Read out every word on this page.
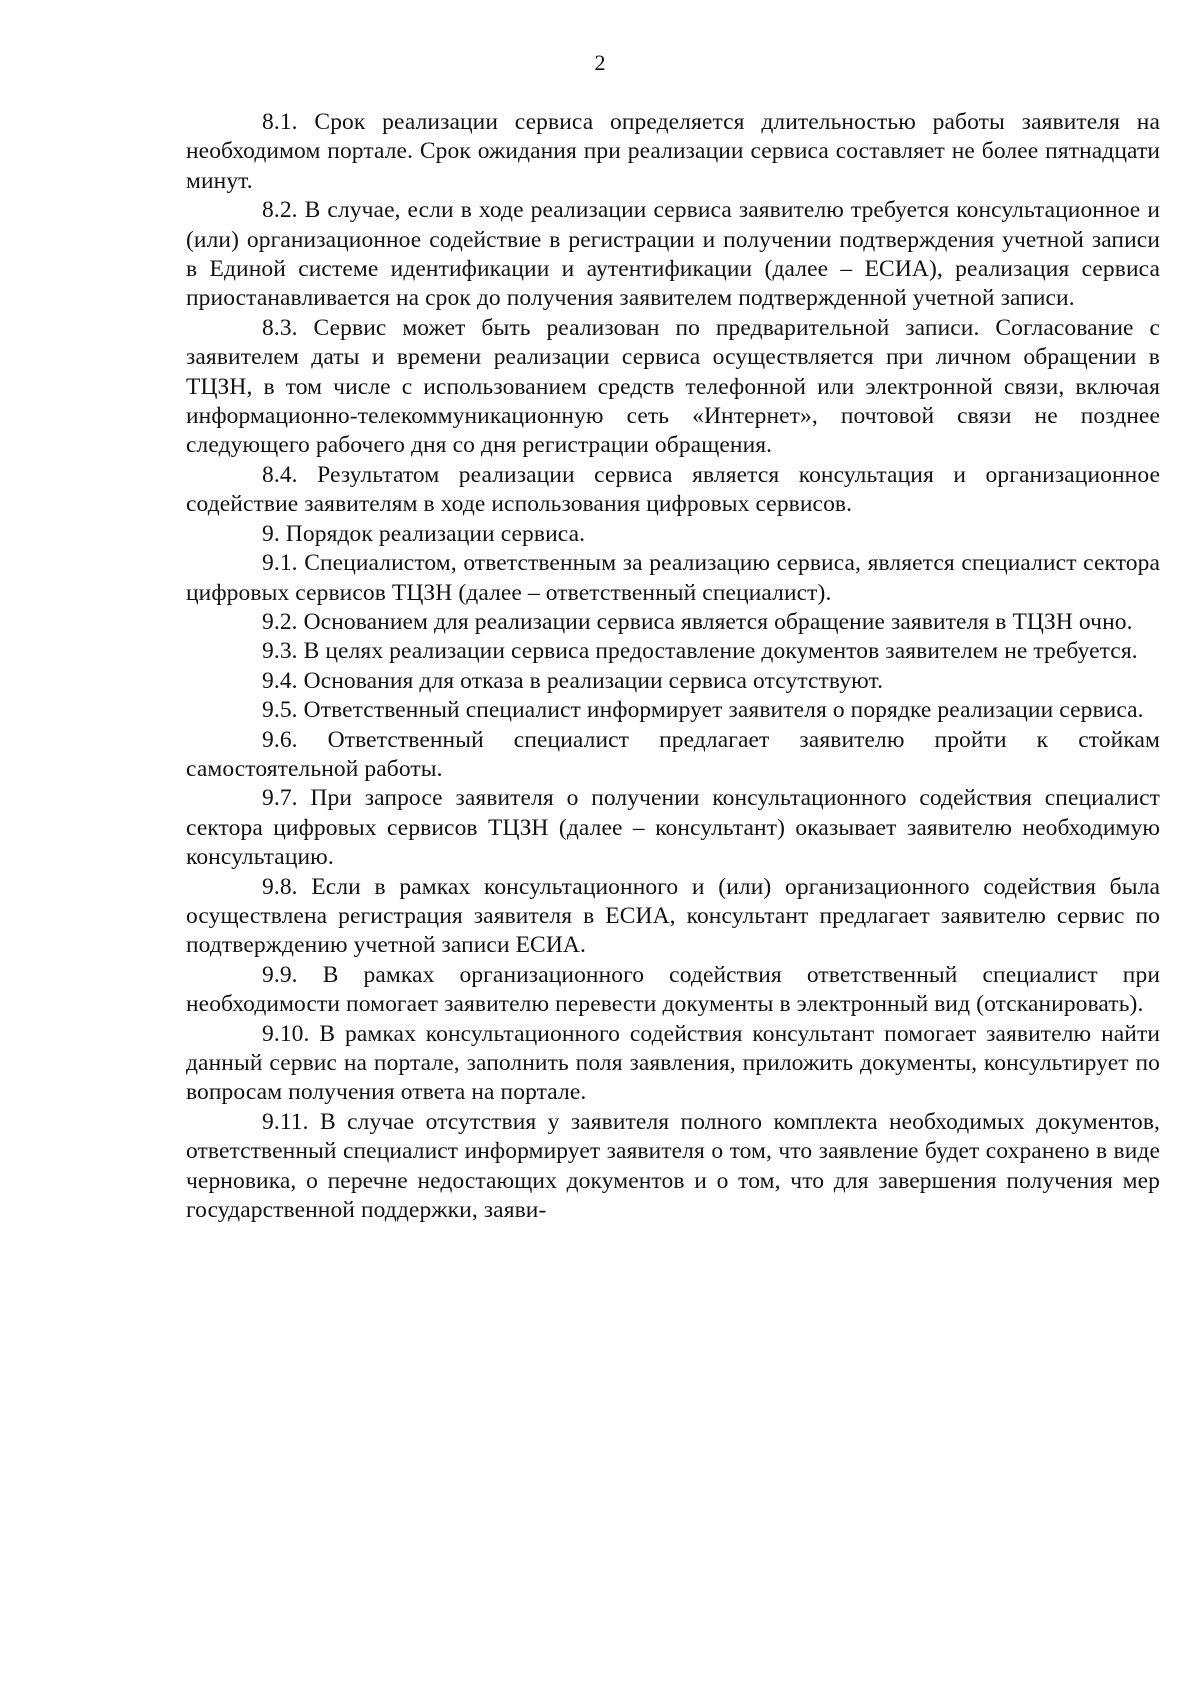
2

8.1. Срок реализации сервиса определяется длительностью работы заявителя на необходимом портале. Срок ожидания при реализации сервиса составляет не более пятнадцати минут.

8.2. В случае, если в ходе реализации сервиса заявителю требуется консультационное и (или) организационное содействие в регистрации и получении подтверждения учетной записи в Единой системе идентификации и аутентификации (далее – ЕСИА), реализация сервиса приостанавливается на срок до получения заявителем подтвержденной учетной записи.

8.3. Сервис может быть реализован по предварительной записи. Согласование с заявителем даты и времени реализации сервиса осуществляется при личном обращении в ТЦЗН, в том числе с использованием средств телефонной или электронной связи, включая информационно-телекоммуникационную сеть «Интернет», почтовой связи не позднее следующего рабочего дня со дня регистрации обращения.

8.4. Результатом реализации сервиса является консультация и организационное содействие заявителям в ходе использования цифровых сервисов.

9. Порядок реализации сервиса.

9.1. Специалистом, ответственным за реализацию сервиса, является специалист сектора цифровых сервисов ТЦЗН (далее – ответственный специалист).

9.2. Основанием для реализации сервиса является обращение заявителя в ТЦЗН очно.

9.3. В целях реализации сервиса предоставление документов заявителем не требуется.

9.4. Основания для отказа в реализации сервиса отсутствуют.

9.5. Ответственный специалист информирует заявителя о порядке реализации сервиса.

9.6. Ответственный специалист предлагает заявителю пройти к стойкам самостоятельной работы.

9.7. При запросе заявителя о получении консультационного содействия специалист сектора цифровых сервисов ТЦЗН (далее – консультант) оказывает заявителю необходимую консультацию.

9.8. Если в рамках консультационного и (или) организационного содействия была осуществлена регистрация заявителя в ЕСИА, консультант предлагает заявителю сервис по подтверждению учетной записи ЕСИА.

9.9. В рамках организационного содействия ответственный специалист при необходимости помогает заявителю перевести документы в электронный вид (отсканировать).

9.10. В рамках консультационного содействия консультант помогает заявителю найти данный сервис на портале, заполнить поля заявления, приложить документы, консультирует по вопросам получения ответа на портале.

9.11. В случае отсутствия у заявителя полного комплекта необходимых документов, ответственный специалист информирует заявителя о том, что заявление будет сохранено в виде черновика, о перечне недостающих документов и о том, что для завершения получения мер государственной поддержки, заяви-
